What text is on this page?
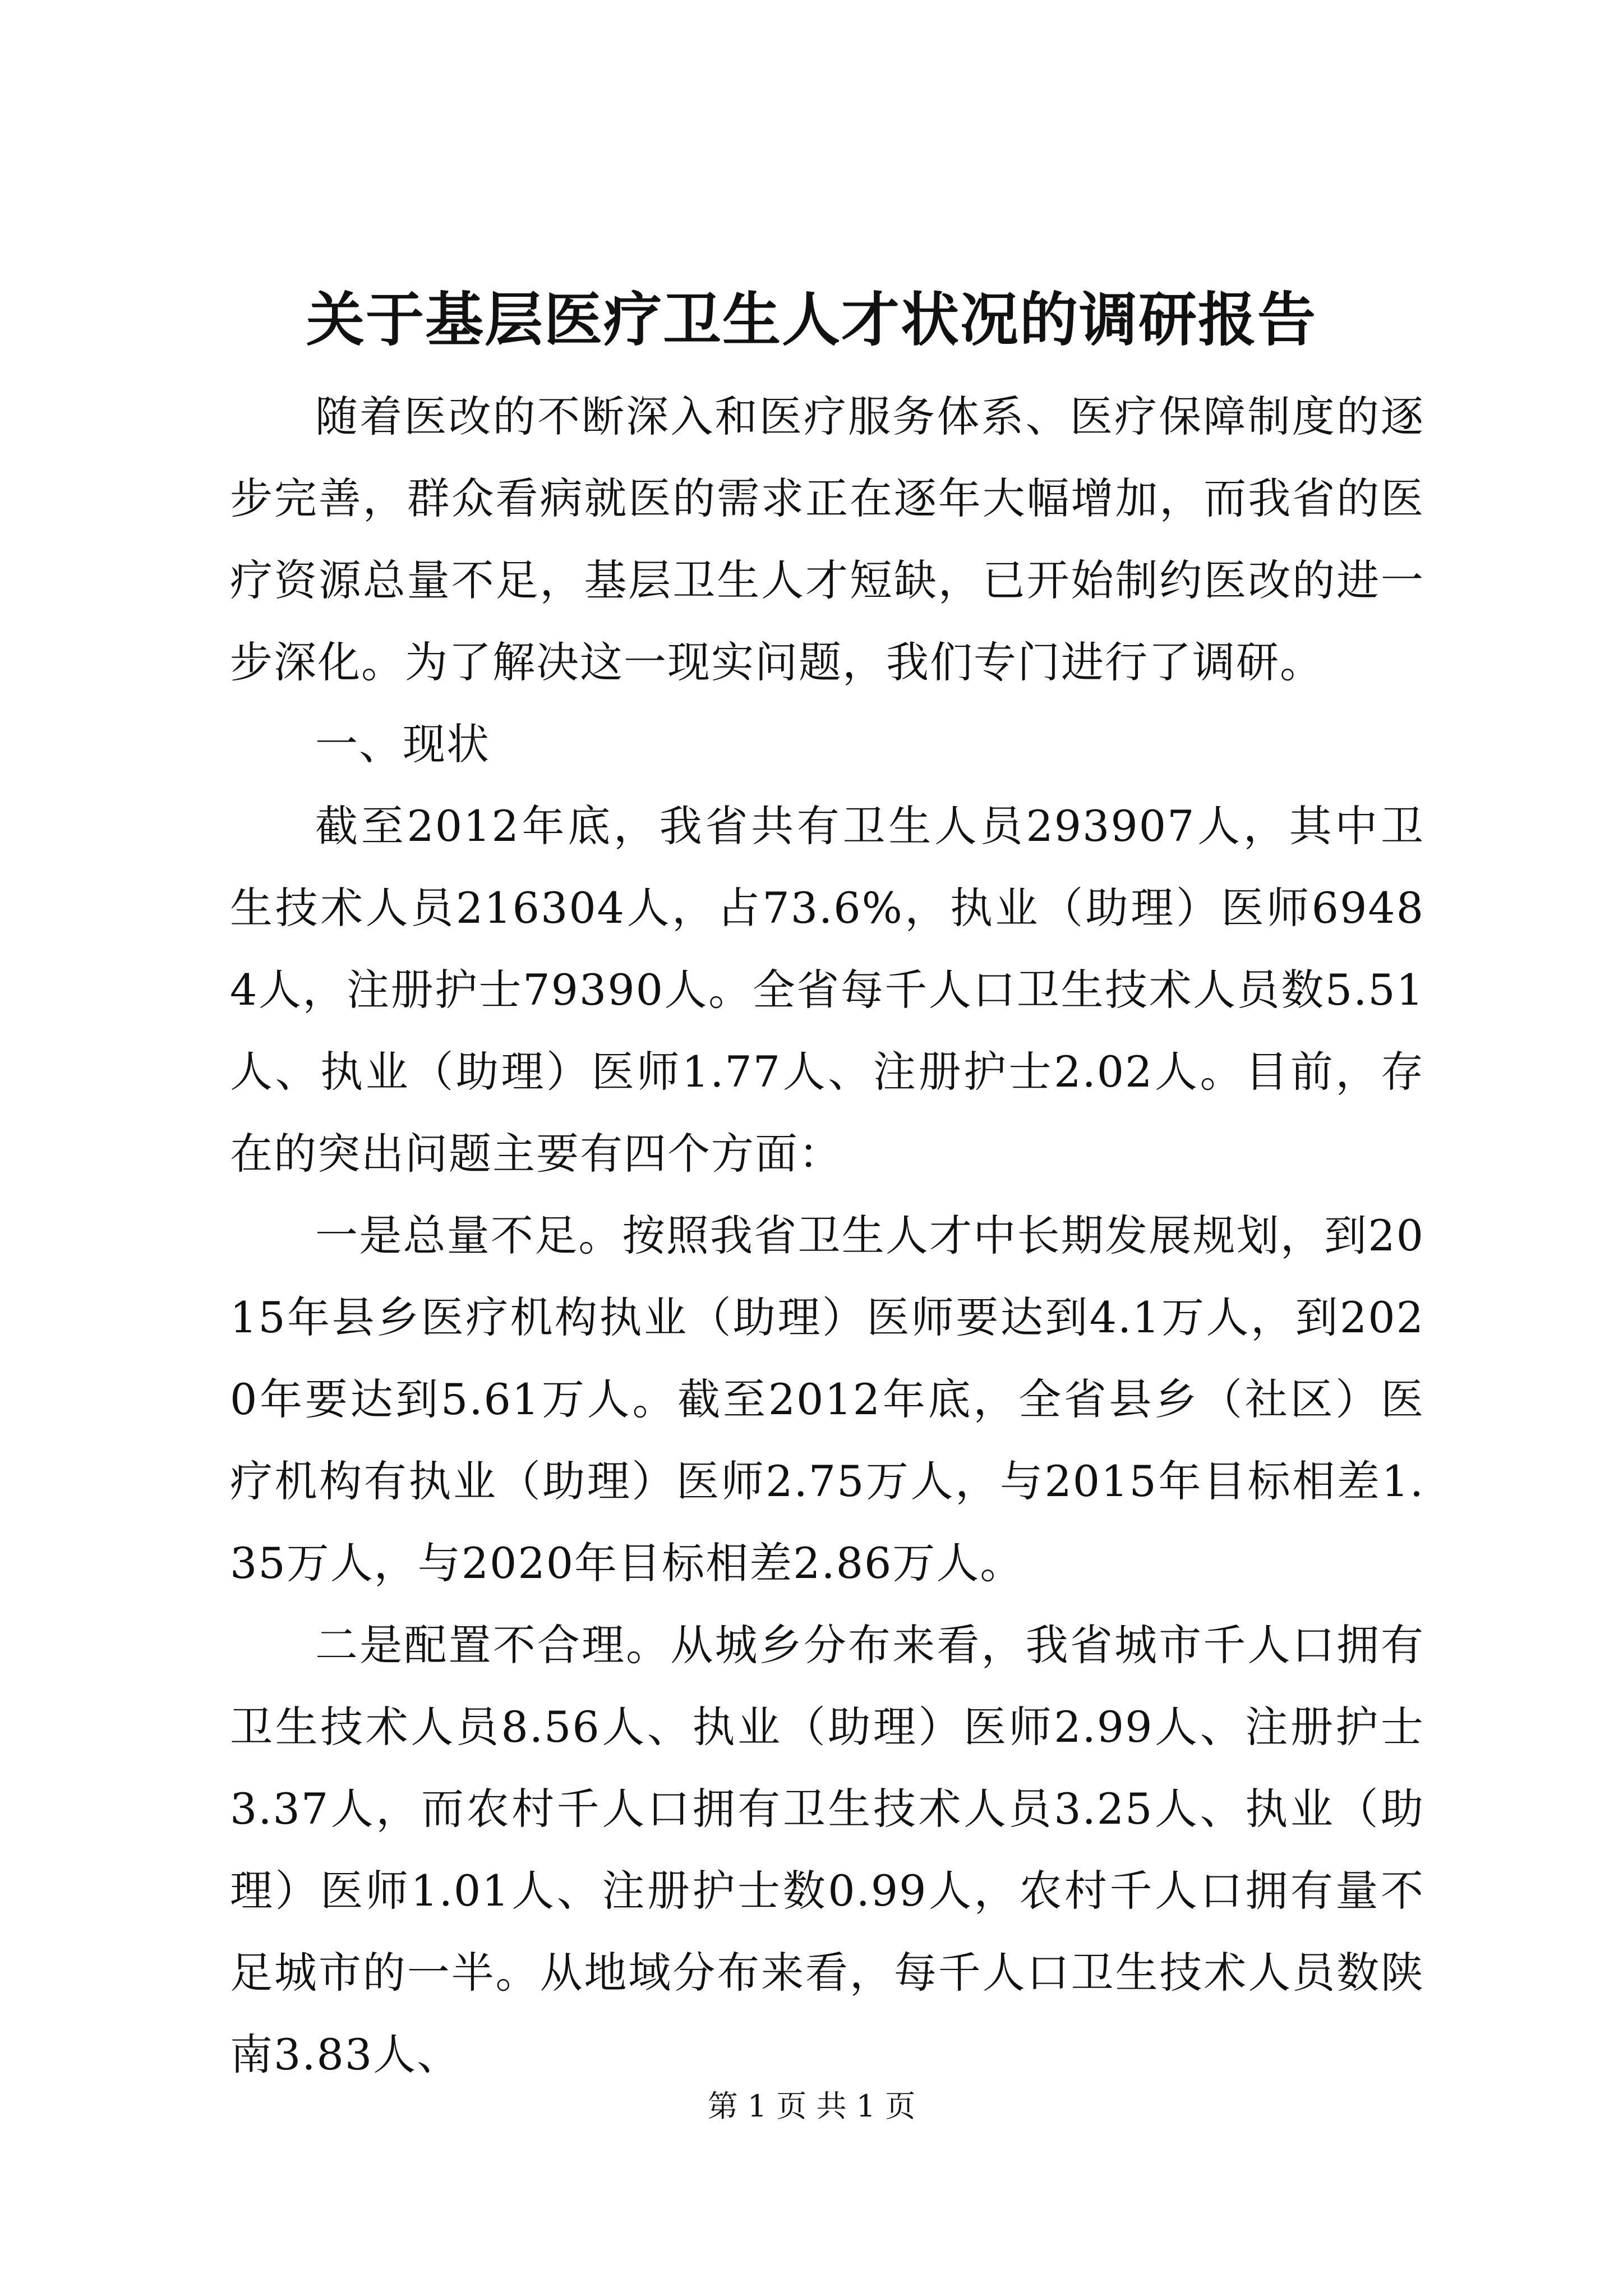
关于基层医疗卫生人才状况的调研报告

随着医改的不断深入和医疗服务体系、医疗保障制度的逐步完善，群众看病就医的需求正在逐年大幅增加，而我省的医疗资源总量不足，基层卫生人才短缺，已开始制约医改的进一步深化。为了解决这一现实问题，我们专门进行了调研。

一、现状

截至2012年底，我省共有卫生人员293907人，其中卫生技术人员216304人，占73.6%，执业（助理）医师69484人，注册护士79390人。全省每千人口卫生技术人员数5.51人、执业（助理）医师1.77人、注册护士2.02人。目前，存在的突出问题主要有四个方面：

一是总量不足。按照我省卫生人才中长期发展规划，到2015年县乡医疗机构执业（助理）医师要达到4.1万人，到2020年要达到5.61万人。截至2012年底，全省县乡（社区）医疗机构有执业（助理）医师2.75万人，与2015年目标相差1.35万人，与2020年目标相差2.86万人。

二是配置不合理。从城乡分布来看，我省城市千人口拥有卫生技术人员8.56人、执业（助理）医师2.99人、注册护士3.37人，而农村千人口拥有卫生技术人员3.25人、执业（助理）医师1.01人、注册护士数0.99人，农村千人口拥有量不足城市的一半。从地域分布来看，每千人口卫生技术人员数陕南3.83人、

第 1 页 共 1 页
